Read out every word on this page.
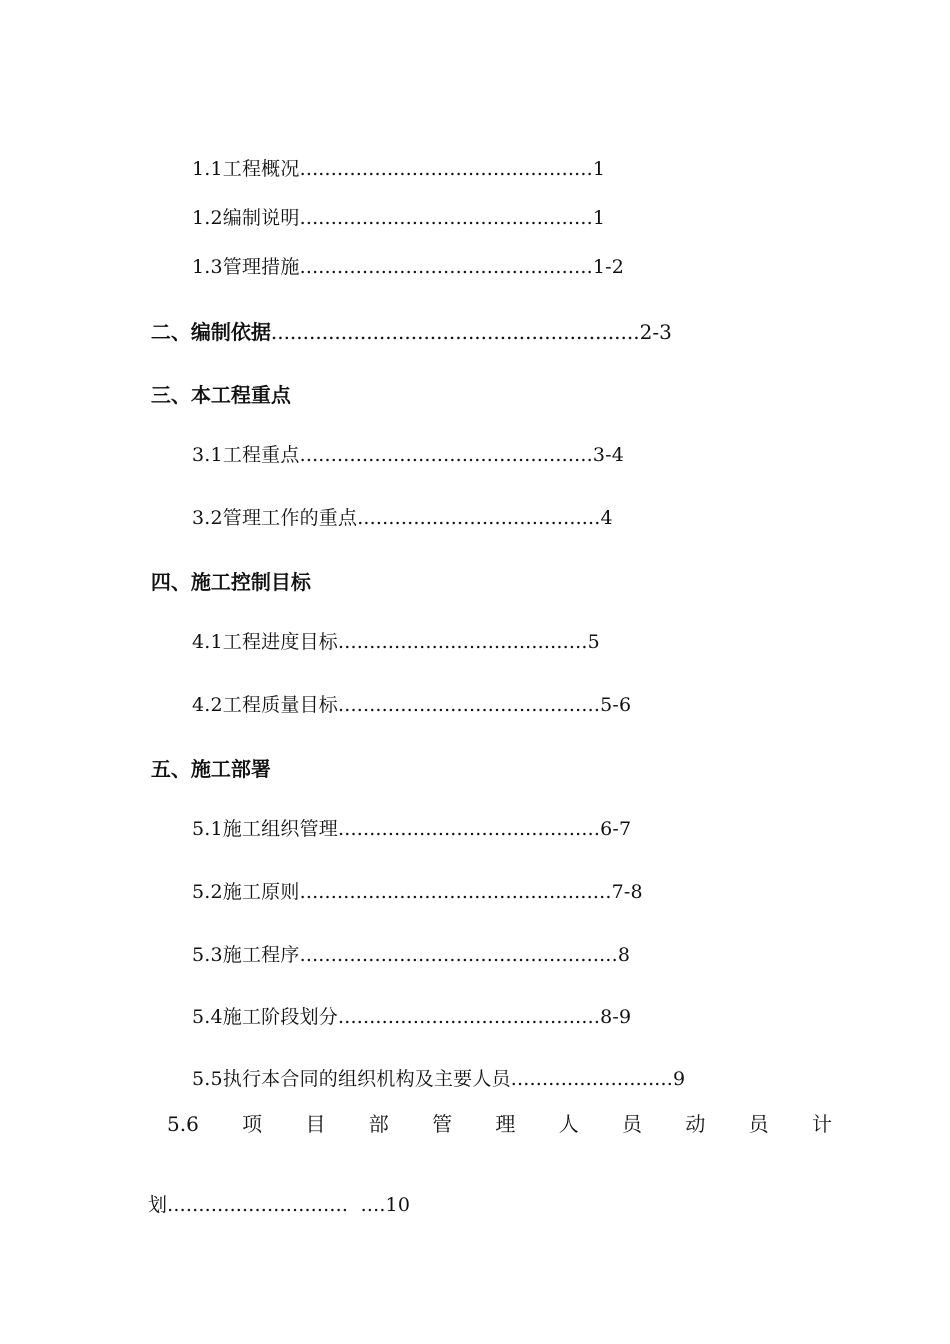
1.1工程概况...............................................1

1.2编制说明...............................................1

1.3管理措施...............................................1-2

二、编制依据..........................................................2-3

三、本工程重点

3.1工程重点...............................................3-4

3.2管理工作的重点.......................................4

四、施工控制目标

4.1工程进度目标........................................5

4.2工程质量目标..........................................5-6

五、施工部署

5.1施工组织管理..........................................6-7

5.2施工原则..................................................7-8

5.3施工程序...................................................8

5.4施工阶段划分..........................................8-9

5.5执行本合同的组织机构及主要人员..........................9

5.6 项 目 部 管 理 人 员 动 员 计

划.............................  ....10
